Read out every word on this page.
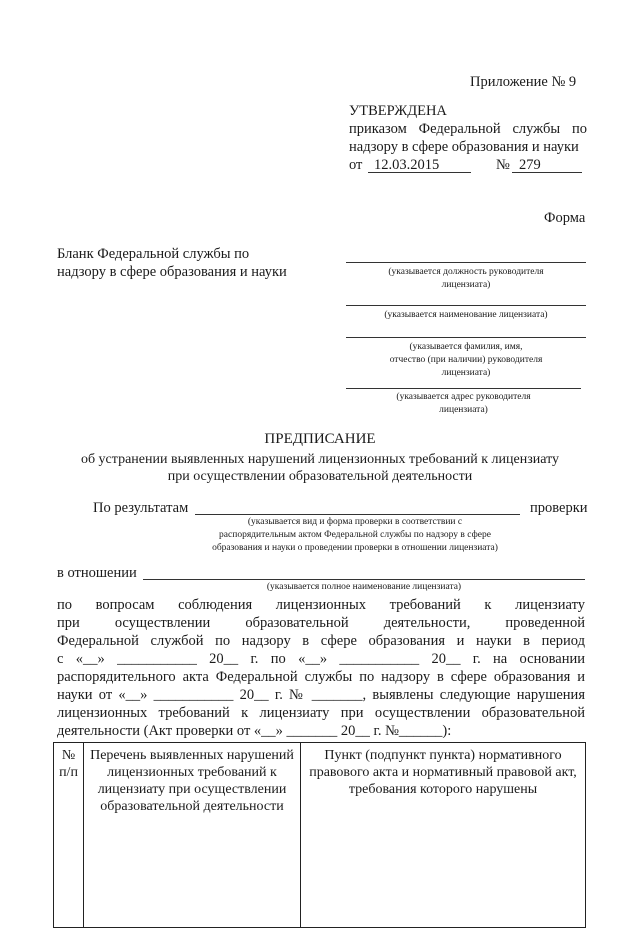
Приложение № 9
УТВЕРЖДЕНА
приказом Федеральной службы по
надзору в сфере образования и науки
от 12.03.2015	№ 279
Форма
Бланк Федеральной службы по
надзору в сфере образования и науки	(указывается должность руководителя
лицензиата)
(указывается наименование лицензиата)
(указывается фамилия, имя,
отчество (при наличии) руководителя
лицензиата)
(указывается адрес руководителя
лицензиата)
ПРЕДПИСАНИЕ
об устранении выявленных нарушений лицензионных требований к лицензиату
при осуществлении образовательной деятельности
По результатам	проверки
(указывается вид и форма проверки в соответствии с
распорядительным актом Федеральной службы по надзору в сфере
образования и науки о проведении проверки в отношении лицензиата)
в отношении
(указывается полное наименование лицензиата)
по вопросам соблюдения лицензионных требований к лицензиату
при осуществлении образовательной деятельности, проведенной
Федеральной службой по надзору в сфере образования и науки в период
с «__» ___________ 20__ г. по «__» ___________ 20__ г. на основании
распорядительного акта Федеральной службы по надзору в сфере образования и
науки от «__» ___________ 20__ г. № _______, выявлены следующие нарушения
лицензионных требований к лицензиату при осуществлении образовательной
деятельности (Акт проверки от «__» _______ 20__ г. №______):
№ п/п	Перечень выявленных нарушений лицензионных требований к лицензиату при осуществлении образовательной деятельности	Пункт (подпункт пункта) нормативного правового акта и нормативный правовой акт, требования которого нарушены
